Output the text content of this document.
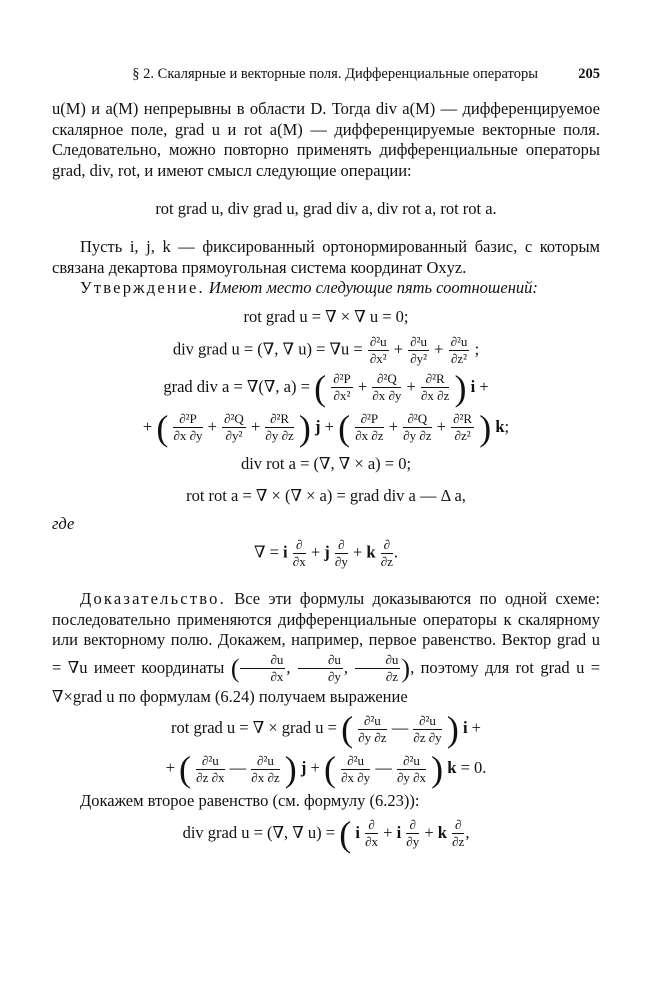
§ 2. Скалярные и векторные поля. Дифференциальные операторы	205

u(M) и a(M) непрерывны в области D. Тогда div a(M) — дифференцируемое скалярное поле, grad u и rot a(M) — дифференцируемые векторные поля. Следовательно, можно повторно применять дифференциальные операторы grad, div, rot, и имеют смысл следующие операции:

rot grad u, div grad u, grad div a, div rot a, rot rot a.

Пусть i, j, k — фиксированный ортонормированный базис, с которым связана декартова прямоугольная система координат Oxyz.

Утверждение. Имеют место следующие пять соотношений:

rot grad u = ∇ × ∇ u = 0;
div grad u = (∇, ∇ $u) = \nabla u = \frac{\text{∂²u}}{\text{∂x²}} + \frac{\text{∂²u}}{\text{∂y²}} + \frac{\text{∂²u}}{\text{∂z²}}$ ;
grad div a = ∇(∇, a) = ( $\frac{\text{∂²P}}{\text{∂x²}} + \frac{\text{∂²Q}}{\partial x \partial y} + \frac{\text{∂²R}}{\partial x \partial z}$ ) i +
+ ( $\frac{\text{∂²P}}{\partial x \partial y} + \frac{\text{∂²Q}}{\text{∂y²}} + \frac{\text{∂²R}}{\partial y \partial z}$ ) j + ( $\frac{\text{∂²P}}{\partial x \partial z} + \frac{\text{∂²Q}}{\partial y \partial z} + \frac{\text{∂²R}}{\text{∂z²}}$ ) k;
div rot a = (∇, ∇ × a) = 0;
rot rot a = ∇ × (∇ × a) = grad div a — Δ a,

где

∇ = i $\frac{\partial}{\partial x} + j \frac{\partial}{\partial y} + k \frac{\partial}{\partial z}$ .

Доказательство. Все эти формулы доказываются по одной схеме: последовательно применяются дифференциальные операторы к скалярному или векторному полю. Докажем, например, первое равенство. Вектор grad u = ∇u имеет координаты ( $\frac{\partial u}{\partial x}$ , $\frac{\partial u}{\partial y}$ , $\frac{\partial u}{\partial z}$ ), поэтому для rot grad u = ∇×grad u по формулам (6.24) получаем выражение

rot grad u = ∇ × grad u = ( $\frac{\text{∂²u}}{\partial y \partial z}$ — $\frac{\text{∂²u}}{\partial z \partial y}$ ) i +
+ ( $\frac{\text{∂²u}}{\partial z \partial x}$ — $\frac{\text{∂²u}}{\partial x \partial z}$ ) j + ( $\frac{\text{∂²u}}{\partial x \partial y}$ — $\frac{\text{∂²u}}{\partial y \partial x}$ ) k = 0.

Докажем второе равенство (см. формулу (6.23)):

div grad u = (∇, ∇ u) = ( i $\frac{\partial}{\partial x} + i \frac{\partial}{\partial y} + k \frac{\partial}{\partial z}$ ,
